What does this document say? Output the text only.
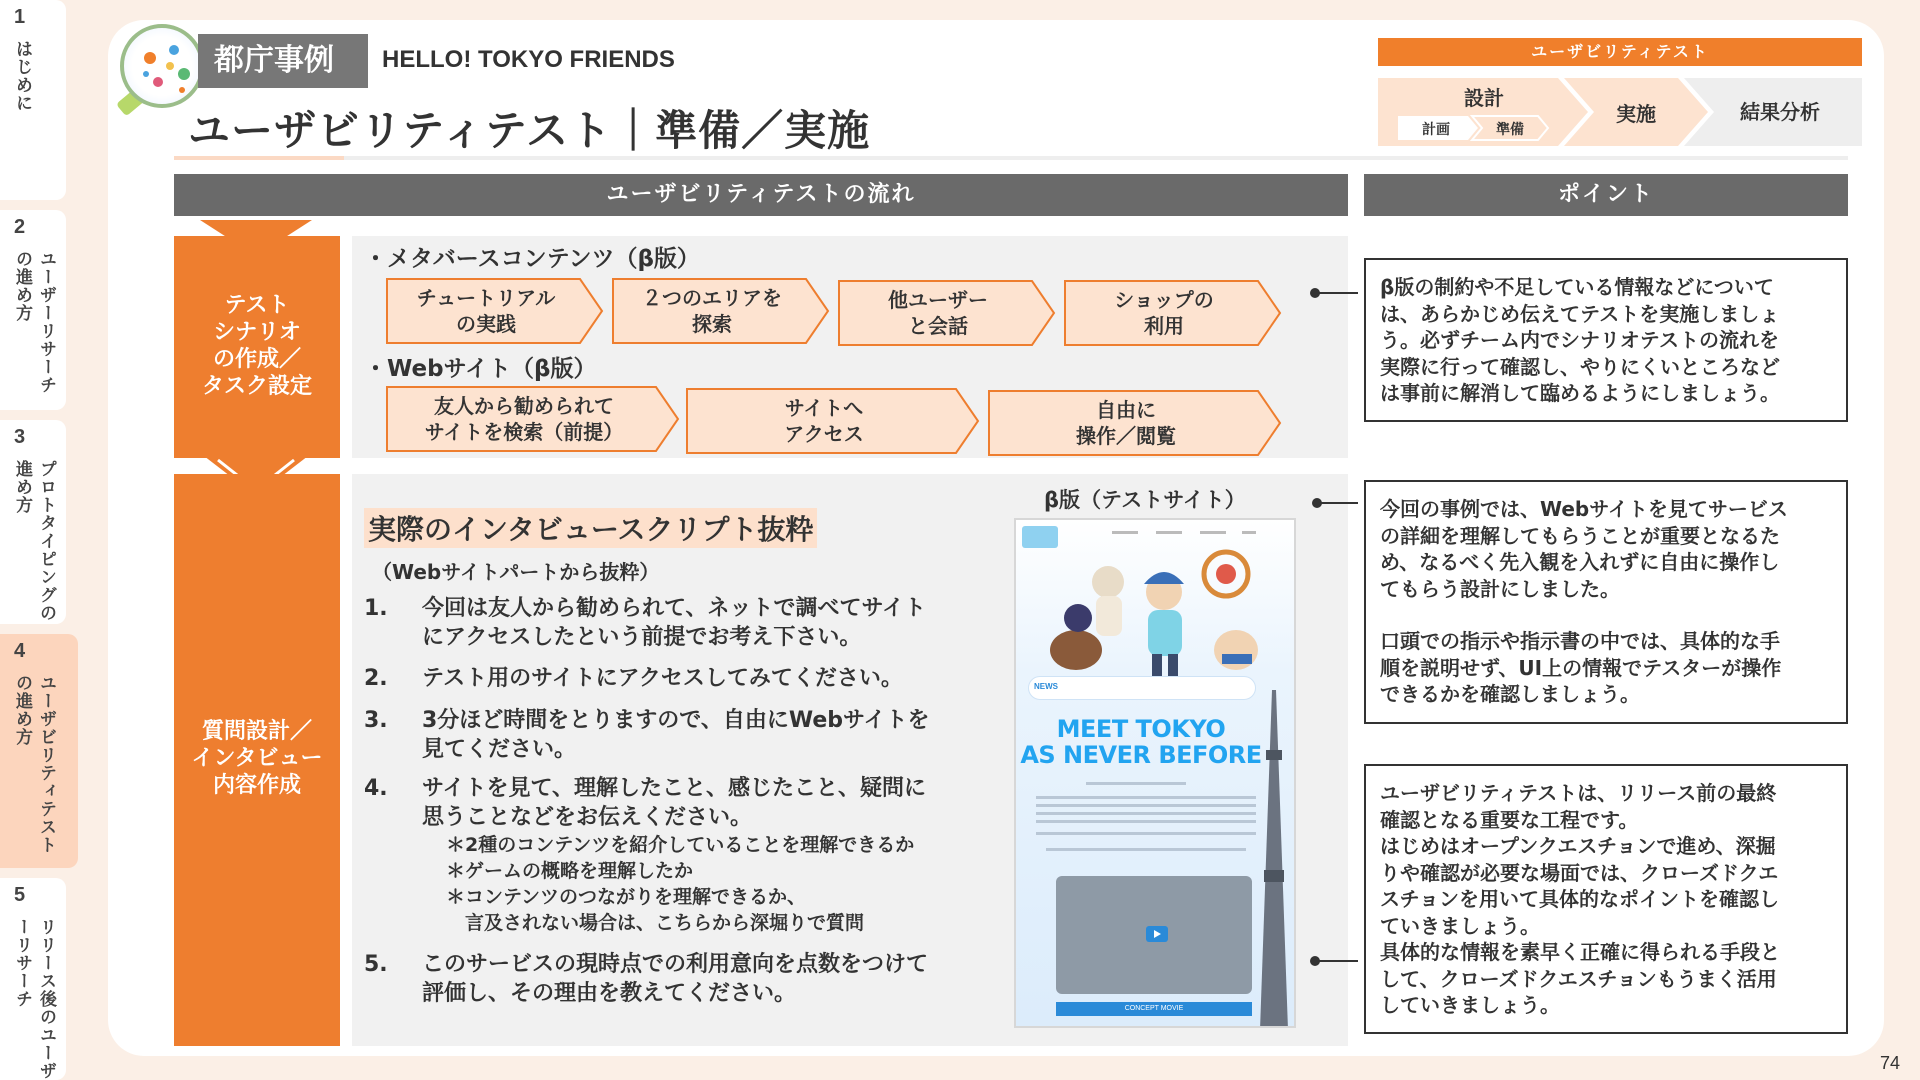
1
はじめに
2
ユーザーリサーチの進め方
3
プロトタイピングの進め方
4
ユーザビリティテストの進め方
5
リリース後のユーザーリサーチ
都庁事例	HELLO! TOKYO FRIENDS
ユーザビリティテスト｜準備／実施
ユーザビリティテスト
設計
計画	準備
実施	結果分析
ユーザビリティテストの流れ	ポイント
テスト
シナリオ
の作成／
タスク設定
・メタバースコンテンツ（β版）
チュートリアル
の実践
２つのエリアを
探索
他ユーザー
と会話
ショップの
利用
・Webサイト（β版）
友人から勧められて
サイトを検索（前提）
サイトへ
アクセス
自由に
操作／閲覧
質問設計／
インタビュー
内容作成
実際のインタビュースクリプト抜粋
（Webサイトパートから抜粋）
1. 今回は友人から勧められて、ネットで調べてサイト
にアクセスしたという前提でお考え下さい。
2. テスト用のサイトにアクセスしてみてください。
3. 3分ほど時間をとりますので、自由にWebサイトを
見てください。
4. サイトを見て、理解したこと、感じたこと、疑問に
思うことなどをお伝えください。
＊2種のコンテンツを紹介していることを理解できるか
＊ゲームの概略を理解したか
＊コンテンツのつながりを理解できるか、
　言及されない場合は、こちらから深堀りで質問
5. このサービスの現時点での利用意向を点数をつけて
評価し、その理由を教えてください。
β版（テストサイト）
NEWS
MEET TOKYO
AS NEVER BEFORE
CONCEPT MOVIE

β版の制約や不足している情報などについて

は、あらかじめ伝えてテストを実施しましょ

う。必ずチーム内でシナリオテストの流れを

実際に行って確認し、やりにくいところなど

は事前に解消して臨めるようにしましょう。

今回の事例では、Webサイトを見てサービス

の詳細を理解してもらうことが重要となるた

め、なるべく先入観を入れずに自由に操作し

てもらう設計にしました。

口頭での指示や指示書の中では、具体的な手

順を説明せず、UI上の情報でテスターが操作

できるかを確認しましょう。

ユーザビリティテストは、リリース前の最終

確認となる重要な工程です。

はじめはオープンクエスチョンで進め、深掘

りや確認が必要な場面では、クローズドクエ

スチョンを用いて具体的なポイントを確認し

ていきましょう。

具体的な情報を素早く正確に得られる手段と

して、クローズドクエスチョンもうまく活用

していきましょう。

74
